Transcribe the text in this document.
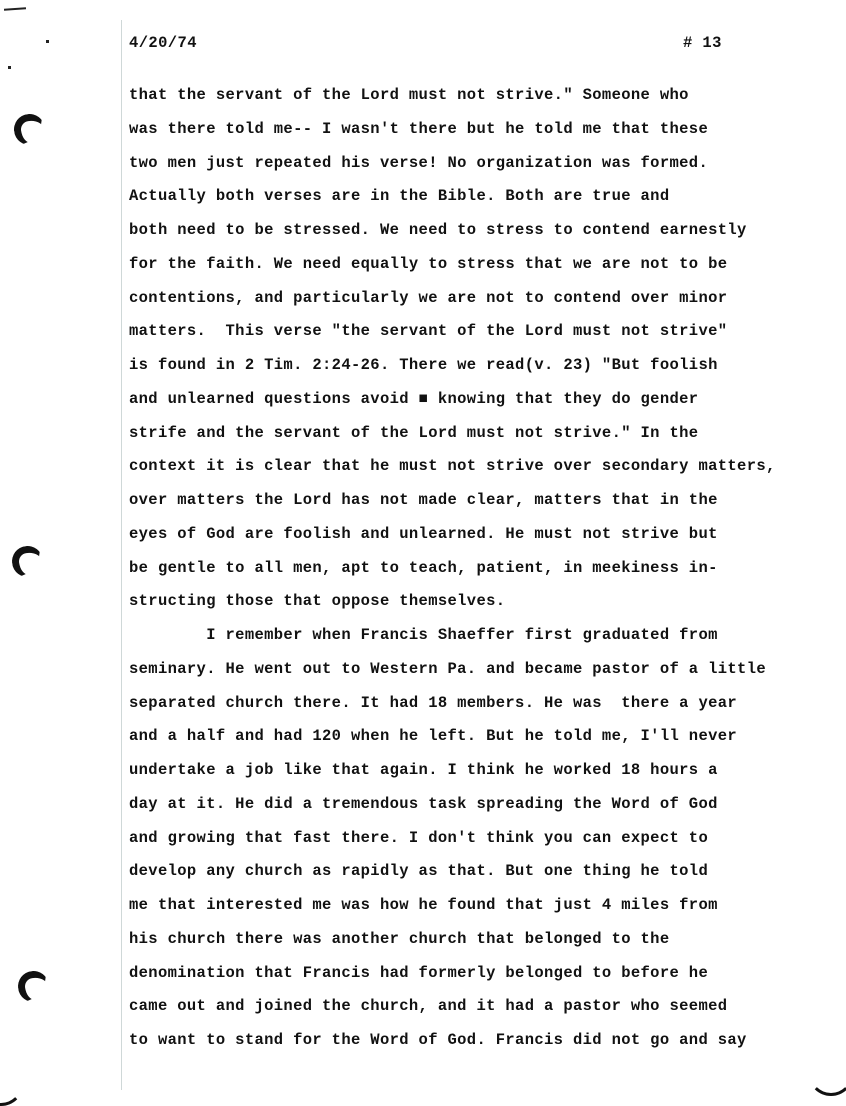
4/20/74	# 13
that the servant of the Lord must not strive." Someone who
was there told me-- I wasn't there but he told me that these
two men just repeated his verse! No organization was formed.
Actually both verses are in the Bible. Both are true and
both need to be stressed. We need to stress to contend earnestly
for the faith. We need equally to stress that we are not to be
contentions, and particularly we are not to contend over minor
matters.  This verse "the servant of the Lord must not strive"
is found in 2 Tim. 2:24-26. There we read(v. 23) "But foolish
and unlearned questions avoid ■ knowing that they do gender
strife and the servant of the Lord must not strive." In the
context it is clear that he must not strive over secondary matters,
over matters the Lord has not made clear, matters that in the
eyes of God are foolish and unlearned. He must not strive but
be gentle to all men, apt to teach, patient, in meekiness in-
structing those that oppose themselves.
I remember when Francis Shaeffer first graduated from
seminary. He went out to Western Pa. and became pastor of a little
separated church there. It had 18 members. He was  there a year
and a half and had 120 when he left. But he told me, I'll never
undertake a job like that again. I think he worked 18 hours a
day at it. He did a tremendous task spreading the Word of God
and growing that fast there. I don't think you can expect to
develop any church as rapidly as that. But one thing he told
me that interested me was how he found that just 4 miles from
his church there was another church that belonged to the
denomination that Francis had formerly belonged to before he
came out and joined the church, and it had a pastor who seemed
to want to stand for the Word of God. Francis did not go and say
